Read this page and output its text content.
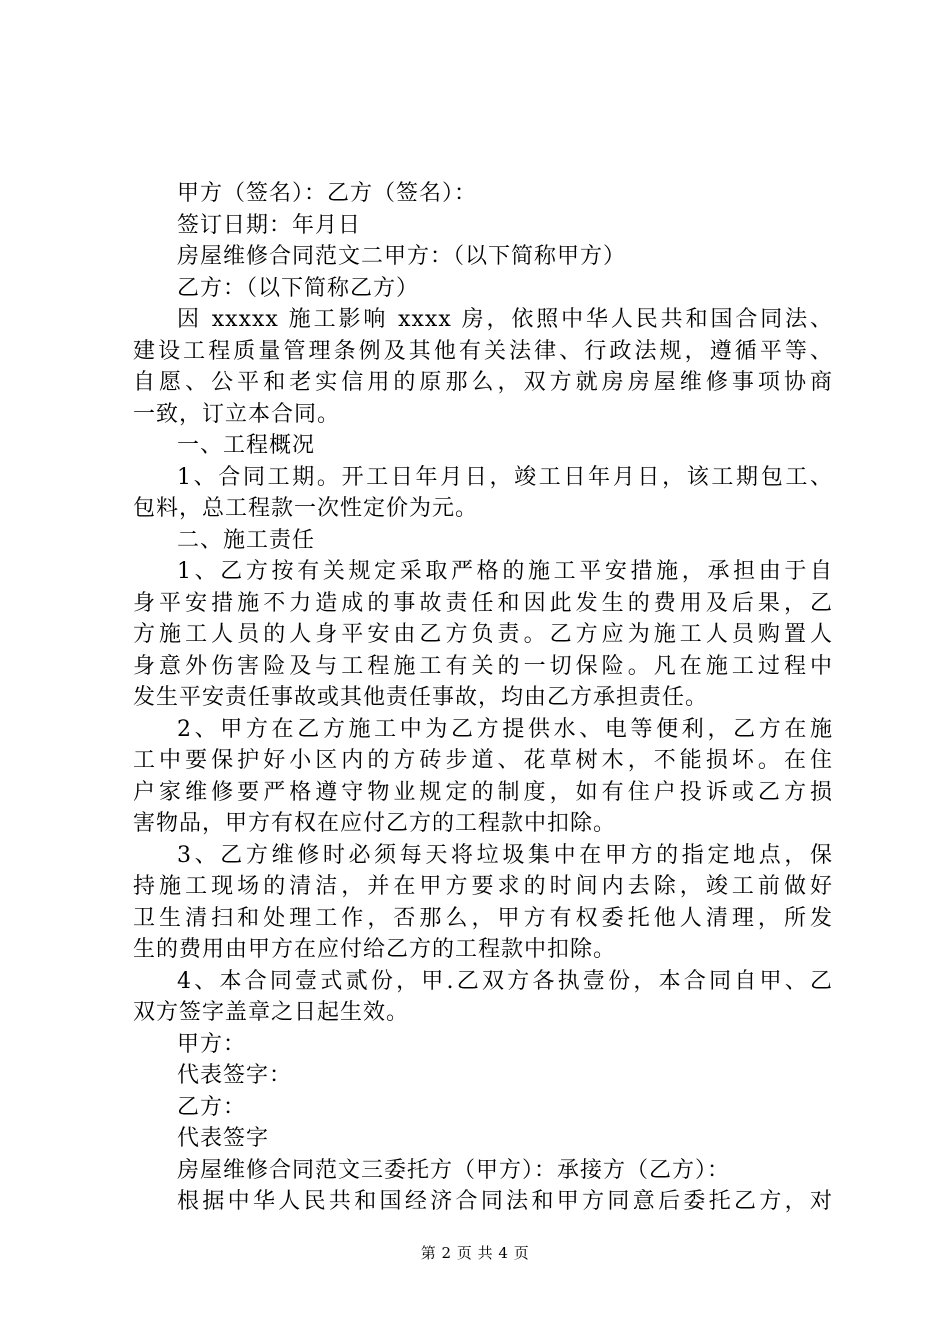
甲方（签名）：乙方（签名）：
签订日期：年月日
房屋维修合同范文二甲方：（以下简称甲方）
乙方：（以下简称乙方）
因 xxxxx 施工影响 xxxx 房，依照中华人民共和国合同法、
建设工程质量管理条例及其他有关法律、行政法规，遵循平等、
自愿、公平和老实信用的原那么，双方就房房屋维修事项协商
一致，订立本合同。
一、工程概况
1、合同工期。开工日年月日，竣工日年月日，该工期包工、
包料，总工程款一次性定价为元。
二、施工责任
1、乙方按有关规定采取严格的施工平安措施，承担由于自
身平安措施不力造成的事故责任和因此发生的费用及后果，乙
方施工人员的人身平安由乙方负责。乙方应为施工人员购置人
身意外伤害险及与工程施工有关的一切保险。凡在施工过程中
发生平安责任事故或其他责任事故，均由乙方承担责任。
2、甲方在乙方施工中为乙方提供水、电等便利，乙方在施
工中要保护好小区内的方砖步道、花草树木，不能损坏。在住
户家维修要严格遵守物业规定的制度，如有住户投诉或乙方损
害物品，甲方有权在应付乙方的工程款中扣除。
3、乙方维修时必须每天将垃圾集中在甲方的指定地点，保
持施工现场的清洁，并在甲方要求的时间内去除，竣工前做好
卫生清扫和处理工作，否那么，甲方有权委托他人清理，所发
生的费用由甲方在应付给乙方的工程款中扣除。
4、本合同壹式贰份，甲.乙双方各执壹份，本合同自甲、乙
双方签字盖章之日起生效。
甲方：
代表签字：
乙方：
代表签字
房屋维修合同范文三委托方（甲方）：承接方（乙方）：
根据中华人民共和国经济合同法和甲方同意后委托乙方，对
第 2 页 共 4 页
